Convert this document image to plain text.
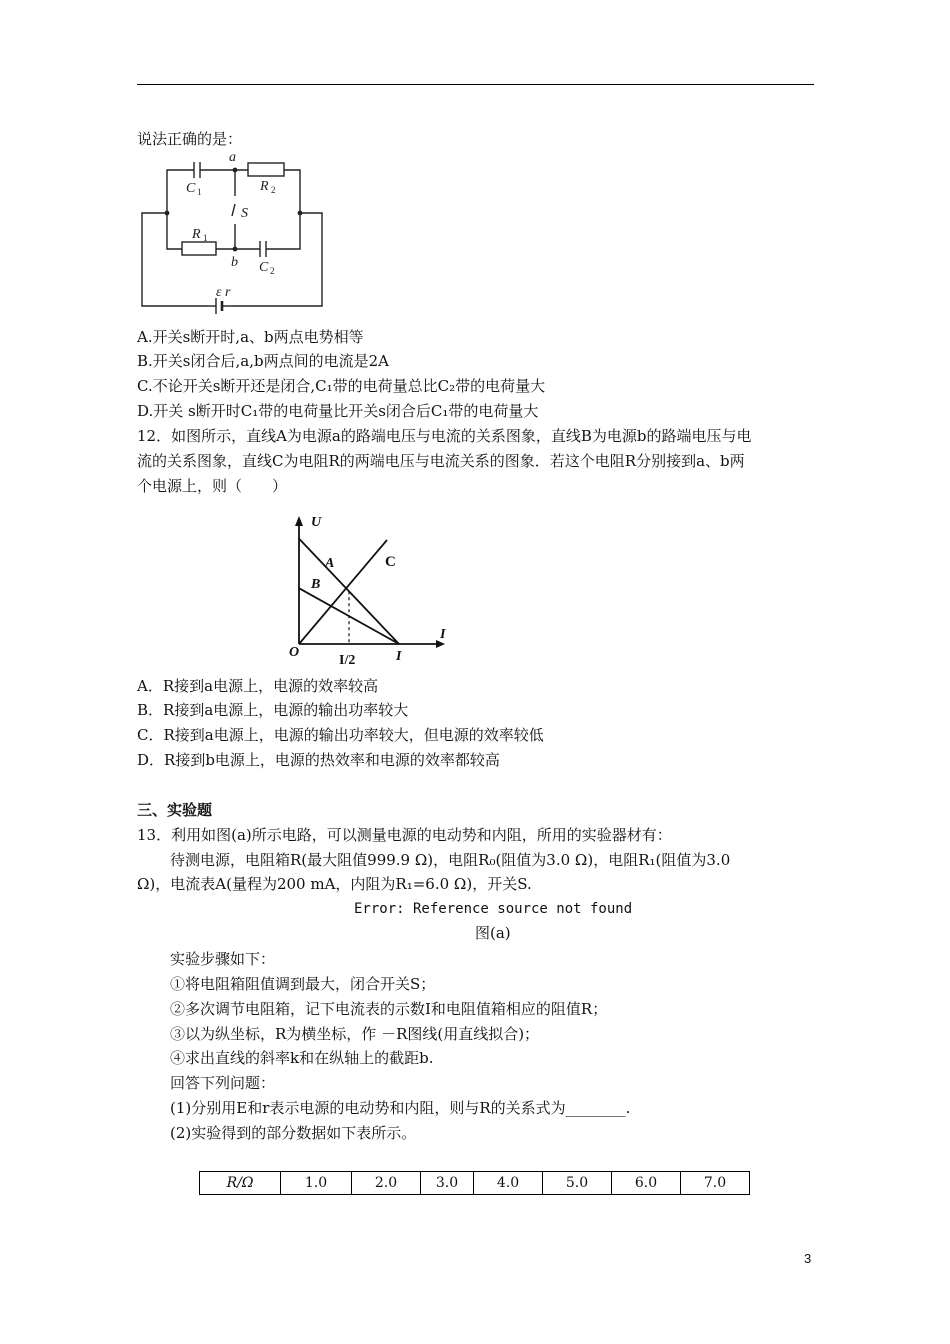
说法正确的是：
a
b
C 1	R 2
S
R 1
C 2
ε r
A.开关s断开时,a、b两点电势相等
B.开关s闭合后,a,b两点间的电流是2A
C.不论开关s断开还是闭合,C₁带的电荷量总比C₂带的电荷量大
D.开关 s断开时C₁带的电荷量比开关s闭合后C₁带的电荷量大
12．如图所示，直线A为电源a的路端电压与电流的关系图象，直线B为电源b的路端电压与电
流的关系图象，直线C为电阻R的两端电压与电流关系的图象．若这个电阻R分别接到a、b两
个电源上，则（　　）
U
I
O
A
B
C
I/2	I
A．R接到a电源上，电源的效率较高
B．R接到a电源上，电源的输出功率较大
C．R接到a电源上，电源的输出功率较大，但电源的效率较低
D．R接到b电源上，电源的热效率和电源的效率都较高
三、实验题
13．利用如图(a)所示电路，可以测量电源的电动势和内阻，所用的实验器材有：
待测电源，电阻箱R(最大阻值999.9 Ω)，电阻R₀(阻值为3.0 Ω)，电阻R₁(阻值为3.0
Ω)，电流表A(量程为200 mA，内阻为R₁=6.0 Ω)，开关S.
Error: Reference source not found
图(a)
实验步骤如下：
①将电阻箱阻值调到最大，闭合开关S；
②多次调节电阻箱，记下电流表的示数I和电阻值箱相应的阻值R；
③以为纵坐标，R为横坐标，作 －R图线(用直线拟合)；
④求出直线的斜率k和在纵轴上的截距b.
回答下列问题：
(1)分别用E和r表示电源的电动势和内阻，则与R的关系式为________.
(2)实验得到的部分数据如下表所示。
R/Ω	1.0	2.0	3.0	4.0	5.0	6.0	7.0
3
